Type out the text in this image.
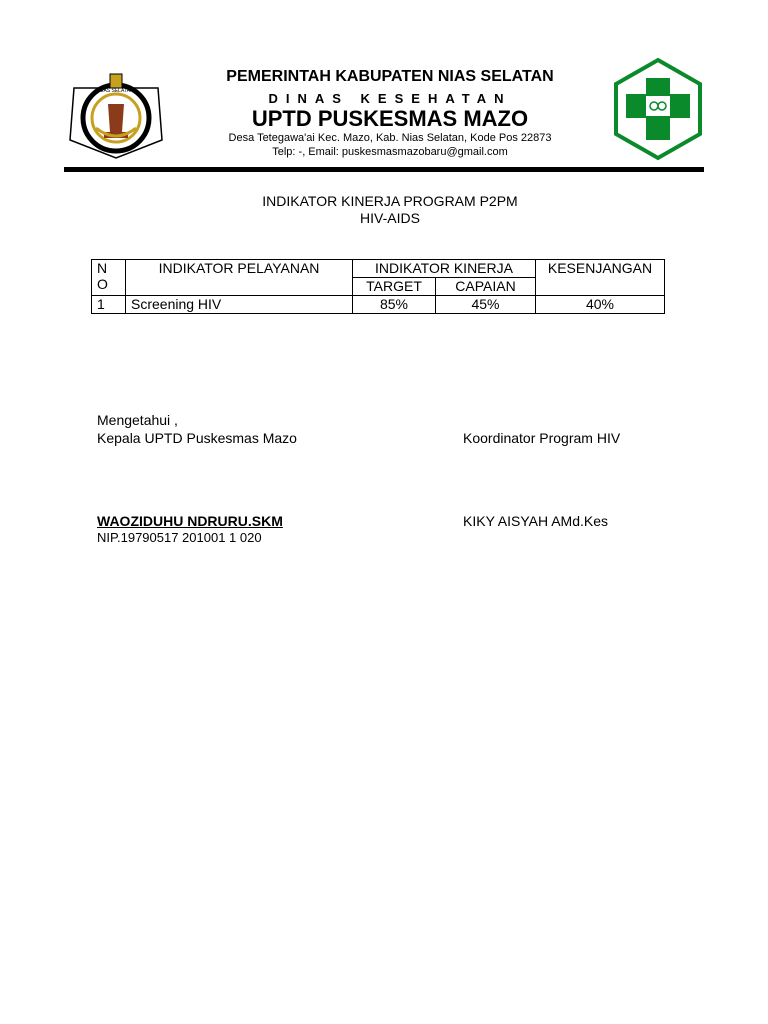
NIAS SELATAN
PEMERINTAH KABUPATEN NIAS SELATAN
DINAS KESEHATAN
UPTD PUSKESMAS MAZO
Desa Tetegawa'ai Kec. Mazo, Kab. Nias Selatan, Kode Pos 22873
Telp: -, Email: puskesmasmazobaru@gmail.com
INDIKATOR KINERJA PROGRAM P2PM
HIV-AIDS
N
O	INDIKATOR PELAYANAN	INDIKATOR KINERJA		KESENJANGAN
		TARGET	CAPAIAN	
1	Screening HIV	85%	45%	40%
Mengetahui ,
Kepala UPTD Puskesmas Mazo	Koordinator Program HIV
WAOZIDUHU NDRURU.SKM
NIP.19790517 201001 1 020
KIKY AISYAH AMd.Kes
